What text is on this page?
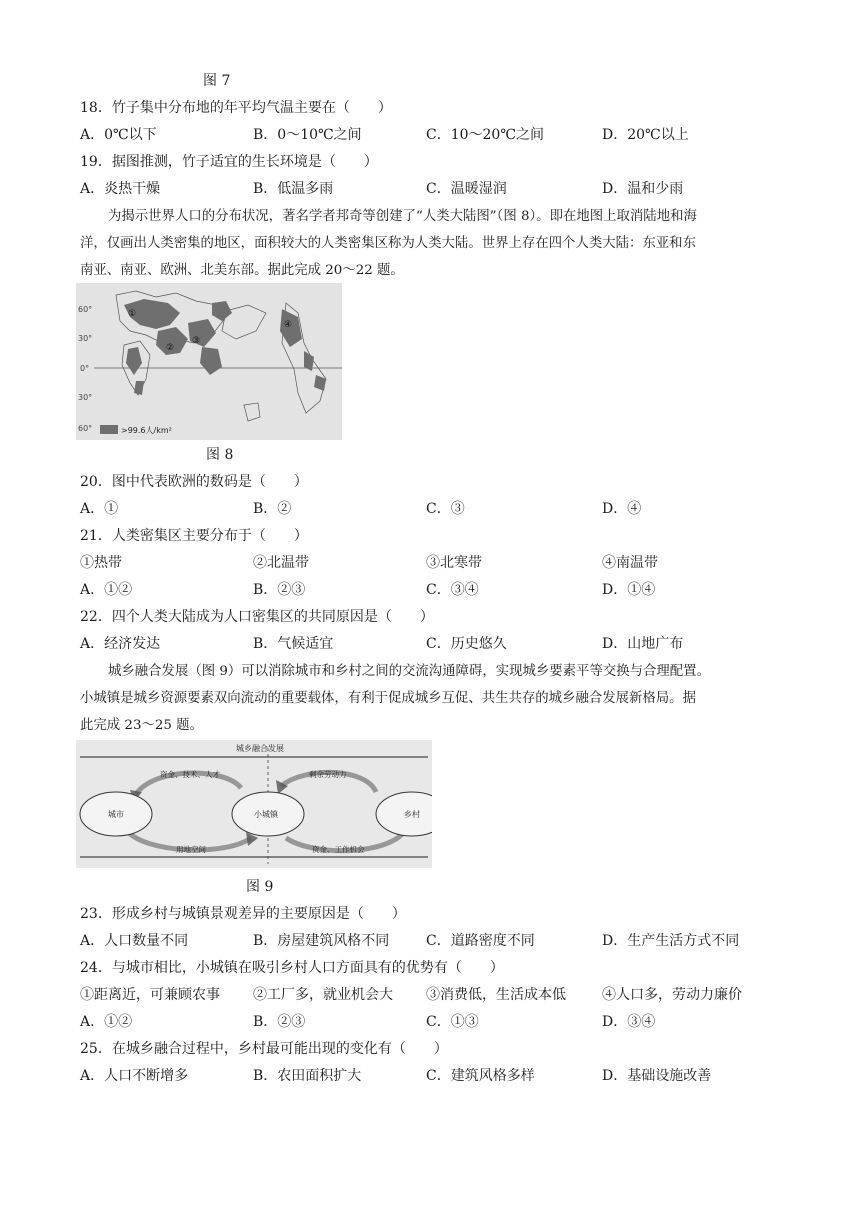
图 7
18．竹子集中分布地的年平均气温主要在（　　）
A．0℃以下	B．0～10℃之间	C．10～20℃之间	D．20℃以上
19．据图推测，竹子适宜的生长环境是（　　）
A．炎热干燥	B．低温多雨	C．温暖湿润	D．温和少雨
为揭示世界人口的分布状况，著名学者邦奇等创建了“人类大陆图”（图 8）。即在地图上取消陆地和海
洋，仅画出人类密集的地区，面积较大的人类密集区称为人类大陆。世界上存在四个人类大陆：东亚和东
南亚、南亚、欧洲、北美东部。据此完成 20～22 题。
60°
30°
0°
30°
60°
①
②
③
④
>99.6人/km²
图 8
20．图中代表欧洲的数码是（　　）
A．①	B．②	C．③	D．④
21．人类密集区主要分布于（　　）
①热带	②北温带	③北寒带	④南温带
A．①②	B．②③	C．③④	D．①④
22．四个人类大陆成为人口密集区的共同原因是（　　）
A．经济发达	B．气候适宜	C．历史悠久	D．山地广布
城乡融合发展（图 9）可以消除城市和乡村之间的交流沟通障碍，实现城乡要素平等交换与合理配置。
小城镇是城乡资源要素双向流动的重要载体，有利于促成城乡互促、共生共存的城乡融合发展新格局。据
此完成 23～25 题。
城乡融合发展
城市	小城镇	乡村
资金、技术、人才	剩余劳动力
用地空间	资金、工作机会
图 9
23．形成乡村与城镇景观差异的主要原因是（　　）
A．人口数量不同	B．房屋建筑风格不同	C．道路密度不同	D．生产生活方式不同
24．与城市相比，小城镇在吸引乡村人口方面具有的优势有（　　）
①距离近，可兼顾农事 ②工厂多，就业机会大 ③消费低，生活成本低	④人口多，劳动力廉价
A．①②	B．②③	C．①③	D．③④
25．在城乡融合过程中，乡村最可能出现的变化有（　　）
A．人口不断增多	B．农田面积扩大	C．建筑风格多样	D．基础设施改善
